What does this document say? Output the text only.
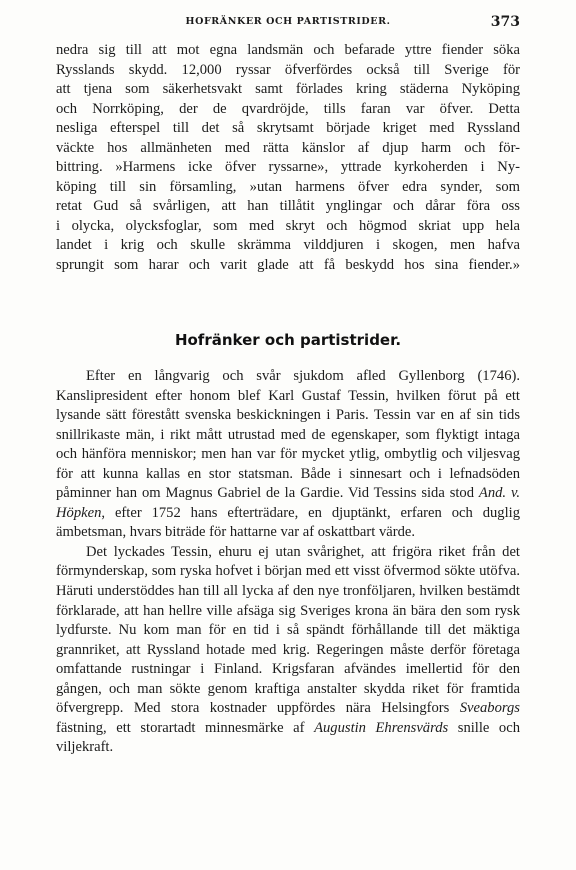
HOFRÄNKER OCH PARTISTRIDER.	373
nedra sig till att mot egna landsmän och befarade yttre fiender söka
Rysslands skydd. 12,000 ryssar öfverfördes också till Sverige för
att tjena som säkerhetsvakt samt förlades kring städerna Nyköping
och Norrköping, der de qvardröjde, tills faran var öfver. Detta
nesliga efterspel till det så skrytsamt började kriget med Ryssland
väckte hos allmänheten med rätta känslor af djup harm och för-
bittring. »Harmens icke öfver ryssarne», yttrade kyrkoherden i Ny-
köping till sin församling, »utan harmens öfver edra synder, som
retat Gud så svårligen, att han tillåtit ynglingar och dårar föra oss
i olycka, olycksfoglar, som med skryt och högmod skriat upp hela
landet i krig och skulle skrämma vilddjuren i skogen, men hafva
sprungit som harar och varit glade att få beskydd hos sina fiender.»
Hofränker och partistrider.

Efter en långvarig och svår sjukdom afled Gyllenborg (1746). Kanslipresident efter honom blef Karl Gustaf Tessin, hvilken förut på ett lysande sätt förestått svenska beskickningen i Paris. Tessin var en af sin tids snillrikaste män, i rikt mått utrustad med de egenskaper, som flyktigt intaga och hänföra menniskor; men han var för mycket ytlig, ombytlig och viljesvag för att kunna kallas en stor statsman. Både i sinnesart och i lefnadsöden påminner han om Magnus Gabriel de la Gardie. Vid Tessins sida stod And. v. Höpken, efter 1752 hans efterträdare, en djuptänkt, erfaren och duglig ämbetsman, hvars biträde för hattarne var af oskattbart värde.

Det lyckades Tessin, ehuru ej utan svårighet, att frigöra riket från det förmynderskap, som ryska hofvet i början med ett visst öfvermod sökte utöfva. Häruti understöddes han till all lycka af den nye tronföljaren, hvilken bestämdt förklarade, att han hellre ville afsäga sig Sveriges krona än bära den som rysk lydfurste. Nu kom man för en tid i så spändt förhållande till det mäktiga grannriket, att Ryssland hotade med krig. Regeringen måste derför företaga omfattande rustningar i Finland. Krigsfaran afvändes imellertid för den gången, och man sökte genom kraftiga anstalter skydda riket för framtida öfvergrepp. Med stora kostnader uppfördes nära Helsingfors Sveaborgs fästning, ett storartadt minnesmärke af Augustin Ehrensvärds snille och viljekraft.
